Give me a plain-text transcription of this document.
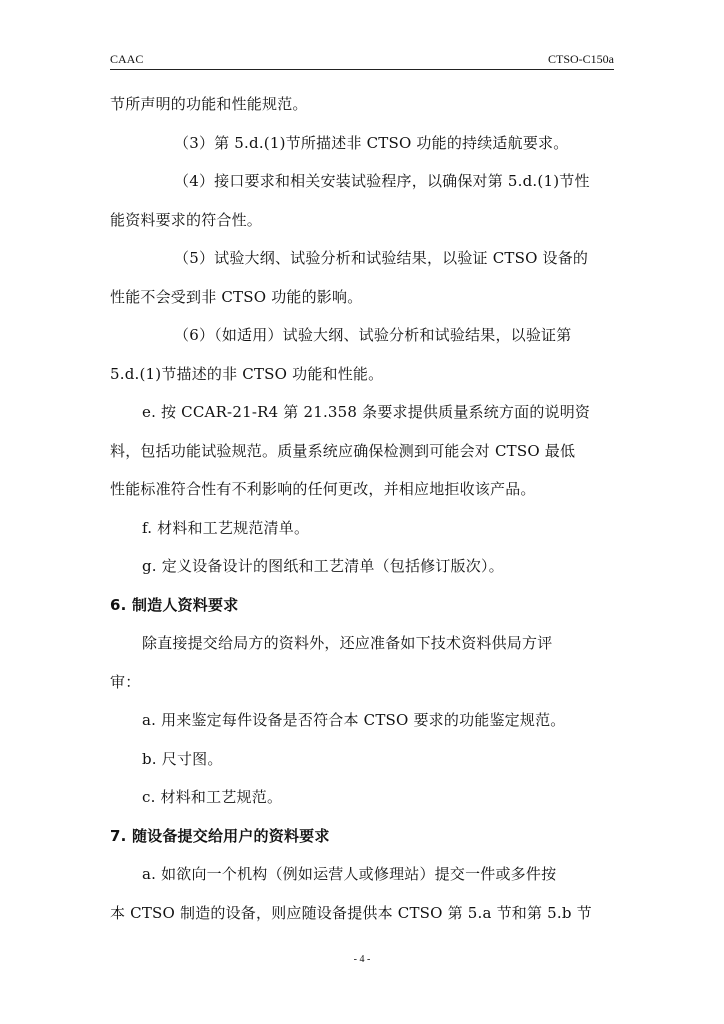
CAAC	CTSO-C150a
节所声明的功能和性能规范。
（3）第 5.d.(1)节所描述非 CTSO 功能的持续适航要求。
（4）接口要求和相关安装试验程序，以确保对第 5.d.(1)节性
能资料要求的符合性。
（5）试验大纲、试验分析和试验结果，以验证 CTSO 设备的
性能不会受到非 CTSO 功能的影响。
（6）（如适用）试验大纲、试验分析和试验结果，以验证第
5.d.(1)节描述的非 CTSO 功能和性能。
e. 按 CCAR-21-R4 第 21.358 条要求提供质量系统方面的说明资
料，包括功能试验规范。质量系统应确保检测到可能会对 CTSO 最低
性能标准符合性有不利影响的任何更改，并相应地拒收该产品。
f. 材料和工艺规范清单。
g. 定义设备设计的图纸和工艺清单（包括修订版次）。
6. 制造人资料要求
除直接提交给局方的资料外，还应准备如下技术资料供局方评
审：
a. 用来鉴定每件设备是否符合本 CTSO 要求的功能鉴定规范。
b. 尺寸图。
c. 材料和工艺规范。
7. 随设备提交给用户的资料要求
a. 如欲向一个机构（例如运营人或修理站）提交一件或多件按
本 CTSO 制造的设备，则应随设备提供本 CTSO 第 5.a 节和第 5.b 节
- 4 -
